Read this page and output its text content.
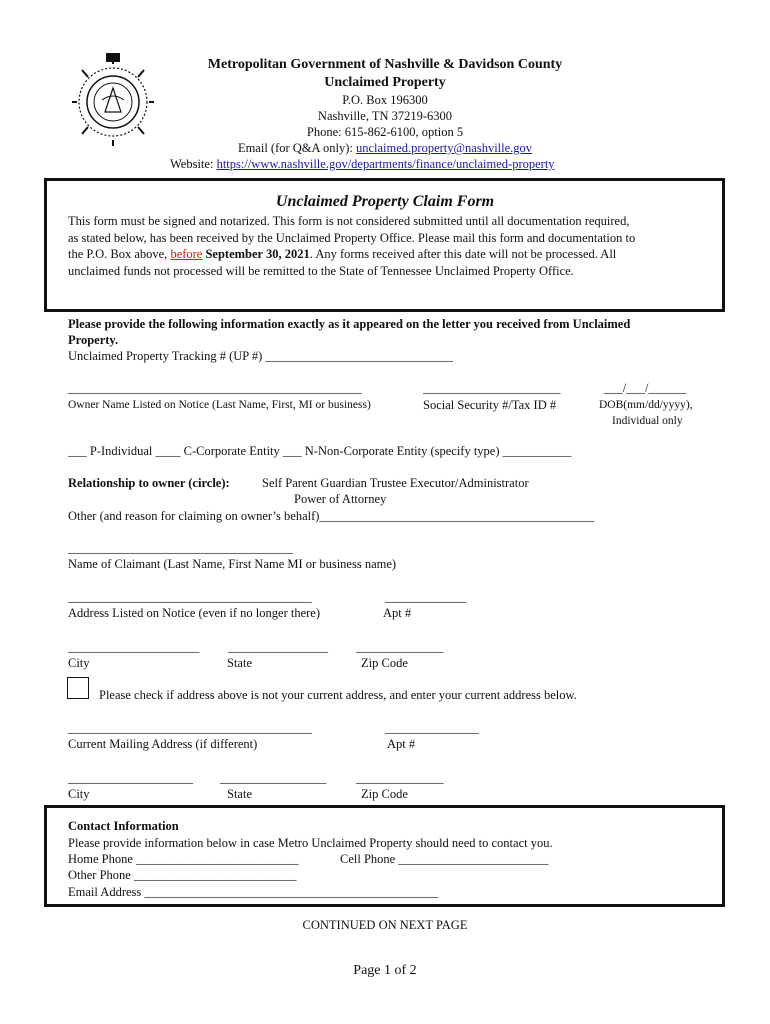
Metropolitan Government of Nashville & Davidson County
Unclaimed Property
P.O. Box 196300
Nashville, TN 37219-6300
Phone: 615-862-6100, option 5
Email (for Q&A only): unclaimed.property@nashville.gov
Website: https://www.nashville.gov/departments/finance/unclaimed-property
Unclaimed Property Claim Form
This form must be signed and notarized. This form is not considered submitted until all documentation required,
as stated below, has been received by the Unclaimed Property Office. Please mail this form and documentation to
the P.O. Box above, before September 30, 2021. Any forms received after this date will not be processed. All
unclaimed funds not processed will be remitted to the State of Tennessee Unclaimed Property Office.
Please provide the following information exactly as it appeared on the letter you received from Unclaimed
Property.
Unclaimed Property Tracking # (UP #) ______________________________
_______________________________________________	______________________	___/___/______
Owner Name Listed on Notice (Last Name, First, MI or business)	Social Security #/Tax ID #	DOB(mm/dd/yyyy),
Individual only
___ P-Individual ____ C-Corporate Entity ___ N-Non-Corporate Entity (specify type) ___________
Relationship to owner (circle):	Self Parent Guardian Trustee Executor/Administrator
Power of Attorney
Other (and reason for claiming on owner’s behalf)____________________________________________
____________________________________
Name of Claimant (Last Name, First Name MI or business name)
_______________________________________	_____________
Address Listed on Notice (even if no longer there)	Apt #
_____________________ ________________ ______________
City	State	Zip Code
Please check if address above is not your current address, and enter your current address below.
_______________________________________	_______________
Current Mailing Address (if different)	Apt #
____________________ _________________ ______________
City	State	Zip Code
Contact Information
Please provide information below in case Metro Unclaimed Property should need to contact you.
Home Phone __________________________	Cell Phone ________________________
Other Phone __________________________
Email Address _______________________________________________
CONTINUED ON NEXT PAGE
Page 1 of 2
